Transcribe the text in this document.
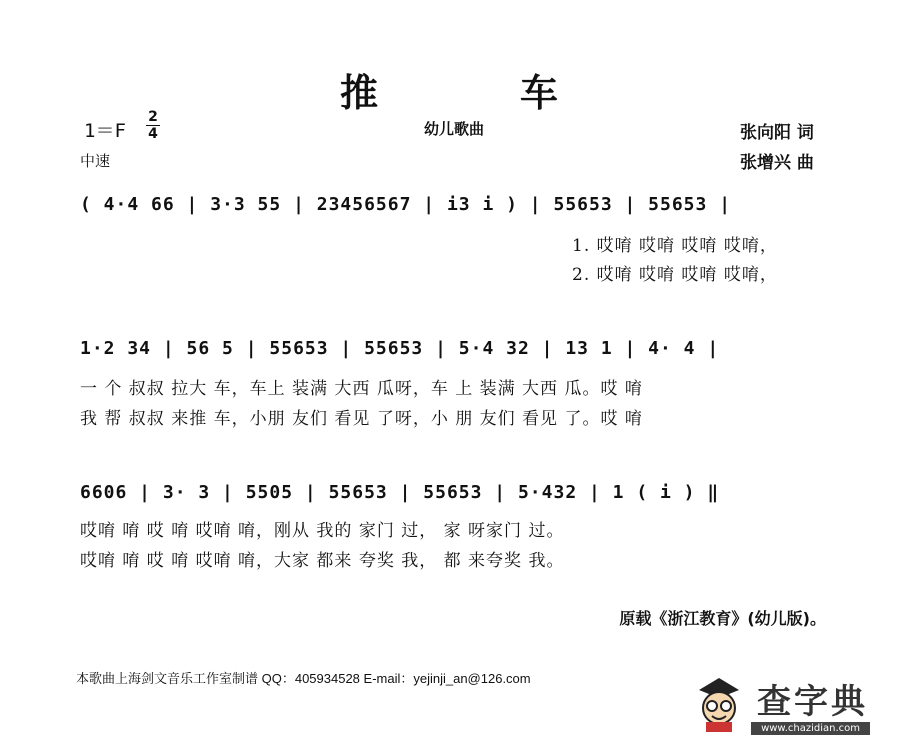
推	车
1＝F
2
4	幼儿歌曲	张向阳 词
张增兴 曲
中速
( 4·4 66 | 3·3 55 | 23456567 | i3 i ) | 55653 | 55653 |
1. 哎唷 哎唷 哎唷 哎唷，
2. 哎唷 哎唷 哎唷 哎唷，
1·2 34 | 56 5 | 55653 | 55653 | 5·4 32 | 13 1 | 4· 4 |
一 个 叔叔 拉大 车，车上 装满 大西 瓜呀，车 上 装满 大西 瓜。哎 唷
我 帮 叔叔 来推 车，小朋 友们 看见 了呀，小 朋 友们 看见 了。哎 唷
6606 | 3· 3 | 5505 | 55653 | 55653 | 5·432 | 1 ( i ) ‖
哎唷 唷 哎 唷 哎唷 唷，刚从 我的 家门 过， 家 呀家门 过。
哎唷 唷 哎 唷 哎唷 唷，大家 都来 夸奖 我， 都 来夸奖 我。
原载《浙江教育》(幼儿版)。
本歌曲上海剑文音乐工作室制谱 QQ：405934528 E-mail：yejinji_an@126.com
查字典
www.chazidian.com
